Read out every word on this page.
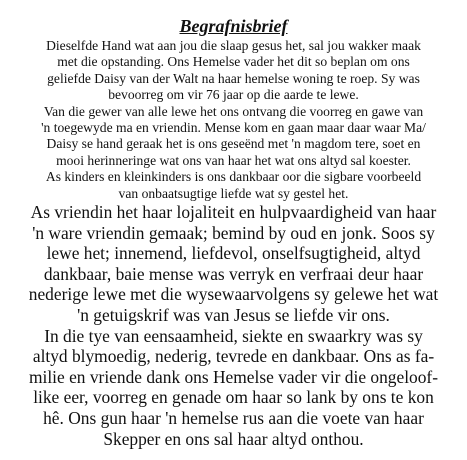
Begrafnisbrief
Dieselfde Hand wat aan jou die slaap gesus het, sal jou wakker maak
met die opstanding. Ons Hemelse vader het dit so beplan om ons
geliefde Daisy van der Walt na haar hemelse woning te roep. Sy was
bevoorreg om vir 76 jaar op die aarde te lewe.
Van die gewer van alle lewe het ons ontvang die voorreg en gawe van
'n toegewyde ma en vriendin. Mense kom en gaan maar daar waar Ma/
Daisy se hand geraak het is ons geseënd met 'n magdom tere, soet en
mooi herinneringe wat ons van haar het wat ons altyd sal koester.
As kinders en kleinkinders is ons dankbaar oor die sigbare voorbeeld
van onbaatsugtige liefde wat sy gestel het.
As vriendin het haar lojaliteit en hulpvaardigheid van haar
'n ware vriendin gemaak; bemind by oud en jonk. Soos sy
lewe het; innemend, liefdevol, onselfsugtigheid, altyd
dankbaar, baie mense was verryk en verfraai deur haar
nederige lewe met die wysewaarvolgens sy gelewe het wat
'n getuigskrif was van Jesus se liefde vir ons.
In die tye van eensaamheid, siekte en swaarkry was sy
altyd blymoedig, nederig, tevrede en dankbaar. Ons as fa-
milie en vriende dank ons Hemelse vader vir die ongeloof-
like eer, voorreg en genade om haar so lank by ons te kon
hê. Ons gun haar 'n hemelse rus aan die voete van haar
Skepper en ons sal haar altyd onthou.
